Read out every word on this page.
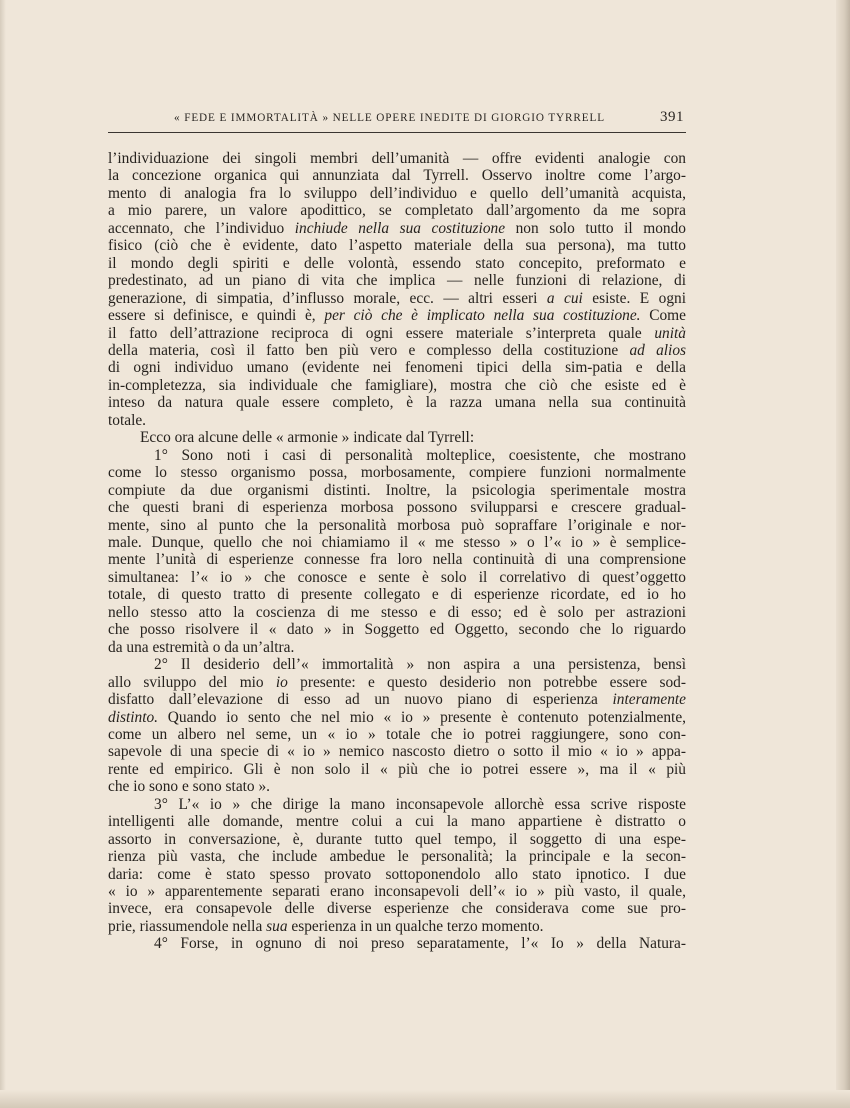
« FEDE E IMMORTALITÀ » NELLE OPERE INEDITE DI GIORGIO TYRRELL	391
l’individuazione dei singoli membri dell’umanità — offre evidenti analogie con
la concezione organica qui annunziata dal Tyrrell. Osservo inoltre come l’argo-
mento di analogia fra lo sviluppo dell’individuo e quello dell’umanità acquista,
a mio parere, un valore apodittico, se completato dall’argomento da me sopra
accennato, che l’individuo inchiude nella sua costituzione non solo tutto il mondo
fisico (ciò che è evidente, dato l’aspetto materiale della sua persona), ma tutto
il mondo degli spiriti e delle volontà, essendo stato concepito, preformato e
predestinato, ad un piano di vita che implica — nelle funzioni di relazione, di
generazione, di simpatia, d’influsso morale, ecc. — altri esseri a cui esiste. E ogni
essere si definisce, e quindi è, per ciò che è implicato nella sua costituzione. Come
il fatto dell’attrazione reciproca di ogni essere materiale s’interpreta quale unità
della materia, così il fatto ben più vero e complesso della costituzione ad alios
di ogni individuo umano (evidente nei fenomeni tipici della sim-patia e della
in-completezza, sia individuale che famigliare), mostra che ciò che esiste ed è
inteso da natura quale essere completo, è la razza umana nella sua continuità
totale.
Ecco ora alcune delle « armonie » indicate dal Tyrrell:
1° Sono noti i casi di personalità molteplice, coesistente, che mostrano
come lo stesso organismo possa, morbosamente, compiere funzioni normalmente
compiute da due organismi distinti. Inoltre, la psicologia sperimentale mostra
che questi brani di esperienza morbosa possono svilupparsi e crescere gradual-
mente, sino al punto che la personalità morbosa può sopraffare l’originale e nor-
male. Dunque, quello che noi chiamiamo il « me stesso » o l’« io » è semplice-
mente l’unità di esperienze connesse fra loro nella continuità di una comprensione
simultanea: l’« io » che conosce e sente è solo il correlativo di quest’oggetto
totale, di questo tratto di presente collegato e di esperienze ricordate, ed io ho
nello stesso atto la coscienza di me stesso e di esso; ed è solo per astrazioni
che posso risolvere il « dato » in Soggetto ed Oggetto, secondo che lo riguardo
da una estremità o da un’altra.
2° Il desiderio dell’« immortalità » non aspira a una persistenza, bensì
allo sviluppo del mio io presente: e questo desiderio non potrebbe essere sod-
disfatto dall’elevazione di esso ad un nuovo piano di esperienza interamente
distinto. Quando io sento che nel mio « io » presente è contenuto potenzialmente,
come un albero nel seme, un « io » totale che io potrei raggiungere, sono con-
sapevole di una specie di « io » nemico nascosto dietro o sotto il mio « io » appa-
rente ed empirico. Gli è non solo il « più che io potrei essere », ma il « più
che io sono e sono stato ».
3° L’« io » che dirige la mano inconsapevole allorchè essa scrive risposte
intelligenti alle domande, mentre colui a cui la mano appartiene è distratto o
assorto in conversazione, è, durante tutto quel tempo, il soggetto di una espe-
rienza più vasta, che include ambedue le personalità; la principale e la secon-
daria: come è stato spesso provato sottoponendolo allo stato ipnotico. I due
« io » apparentemente separati erano inconsapevoli dell’« io » più vasto, il quale,
invece, era consapevole delle diverse esperienze che considerava come sue pro-
prie, riassumendole nella sua esperienza in un qualche terzo momento.
4° Forse, in ognuno di noi preso separatamente, l’« Io » della Natura-
